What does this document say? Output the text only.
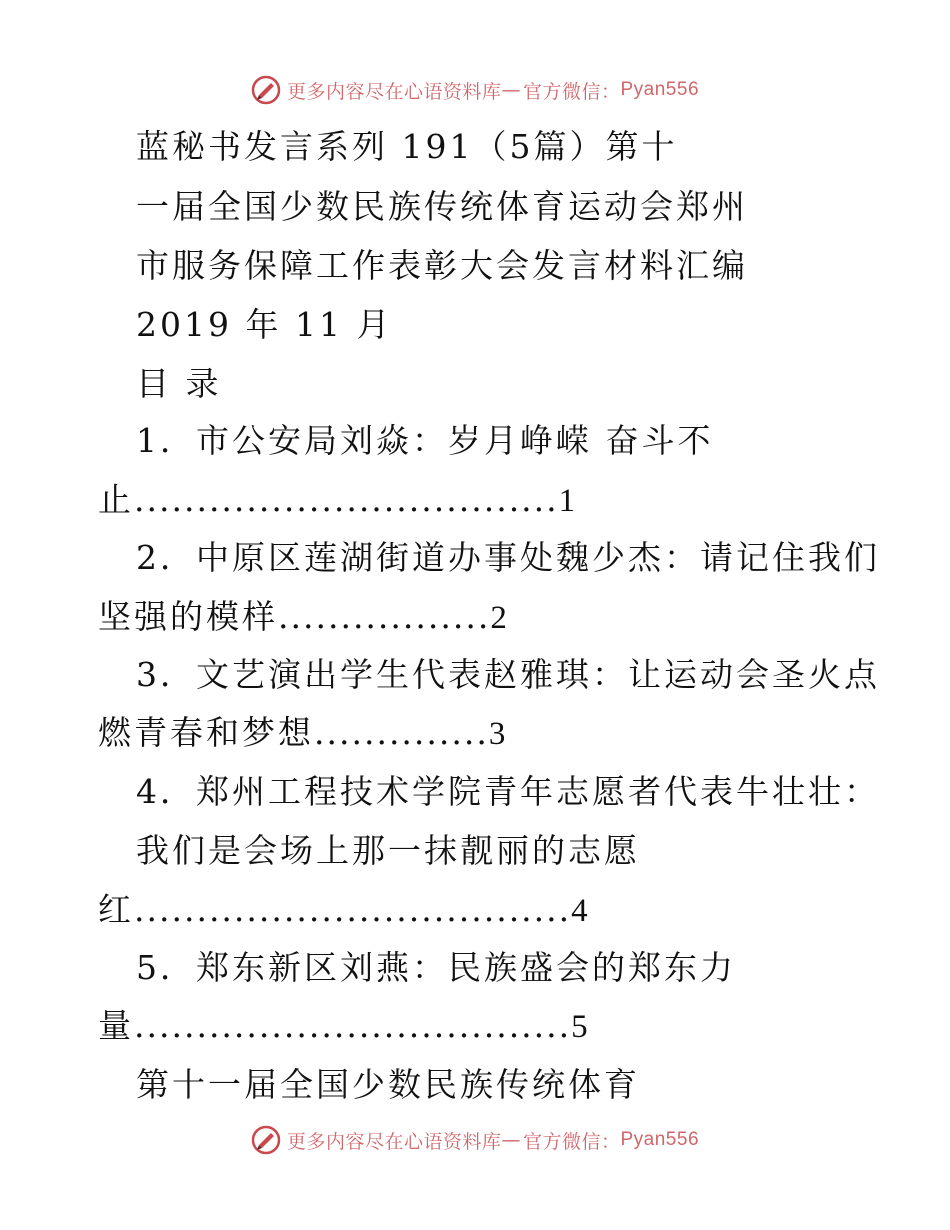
更多内容尽在心语资料库 — 官方微信： Pyan556
蓝秘书发言系列 191（5篇）第十
一届全国少数民族传统体育运动会郑州
市服务保障工作表彰大会发言材料汇编
2019 年 11 月
目 录
1．市公安局刘焱：岁月峥嵘 奋斗不
止..................................1
2．中原区莲湖街道办事处魏少杰：请记住我们
坚强的模样.................2
3．文艺演出学生代表赵雅琪：让运动会圣火点
燃青春和梦想..............3
4．郑州工程技术学院青年志愿者代表牛壮壮：
我们是会场上那一抹靓丽的志愿
红...................................4
5．郑东新区刘燕：民族盛会的郑东力
量...................................5
第十一届全国少数民族传统体育
更多内容尽在心语资料库 — 官方微信： Pyan556
